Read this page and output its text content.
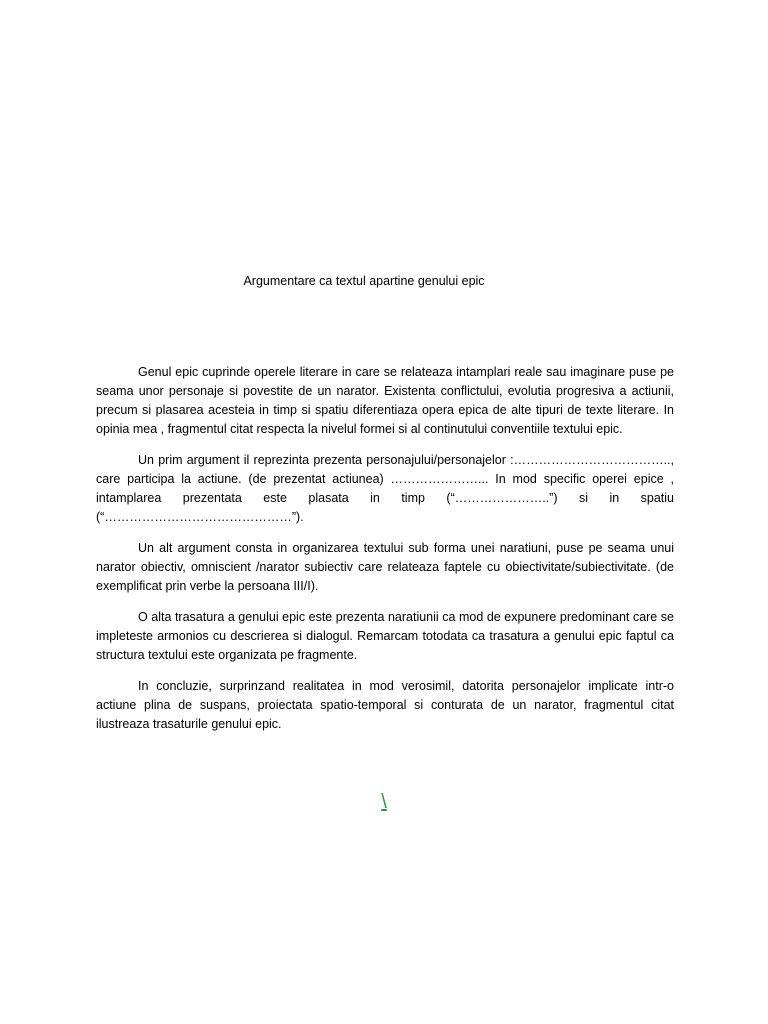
Argumentare ca textul apartine genului epic

Genul epic cuprinde operele literare in care se relateaza intamplari reale sau imaginare puse pe seama unor personaje si povestite de un narator. Existenta conflictului, evolutia progresiva a actiunii, precum si plasarea acesteia in timp si spatiu diferentiaza opera epica de alte tipuri de texte literare. In opinia mea , fragmentul citat respecta la nivelul formei si al continutului conventiile textului epic.

Un prim argument il reprezinta prezenta personajului/personajelor :……………………………….., care participa la actiune. (de prezentat actiunea) …………………... In mod specific operei epice , intamplarea prezentata este plasata in timp (“…………………..”) si in spatiu (“………………………………………”).

Un alt argument consta in organizarea textului sub forma unei naratiuni, puse pe seama unui narator obiectiv, omniscient /narator subiectiv care relateaza faptele cu obiectivitate/subiectivitate. (de exemplificat prin verbe la persoana III/I).

O alta trasatura a genului epic este prezenta naratiunii ca mod de expunere predominant care se impleteste armonios cu descrierea si dialogul. Remarcam totodata ca trasatura a genului epic faptul ca structura textului este organizata pe fragmente.

In concluzie, surprinzand realitatea in mod verosimil, datorita personajelor implicate intr-o actiune plina de suspans, proiectata spatio-temporal si conturata de un narator, fragmentul citat ilustreaza trasaturile genului epic.

\
